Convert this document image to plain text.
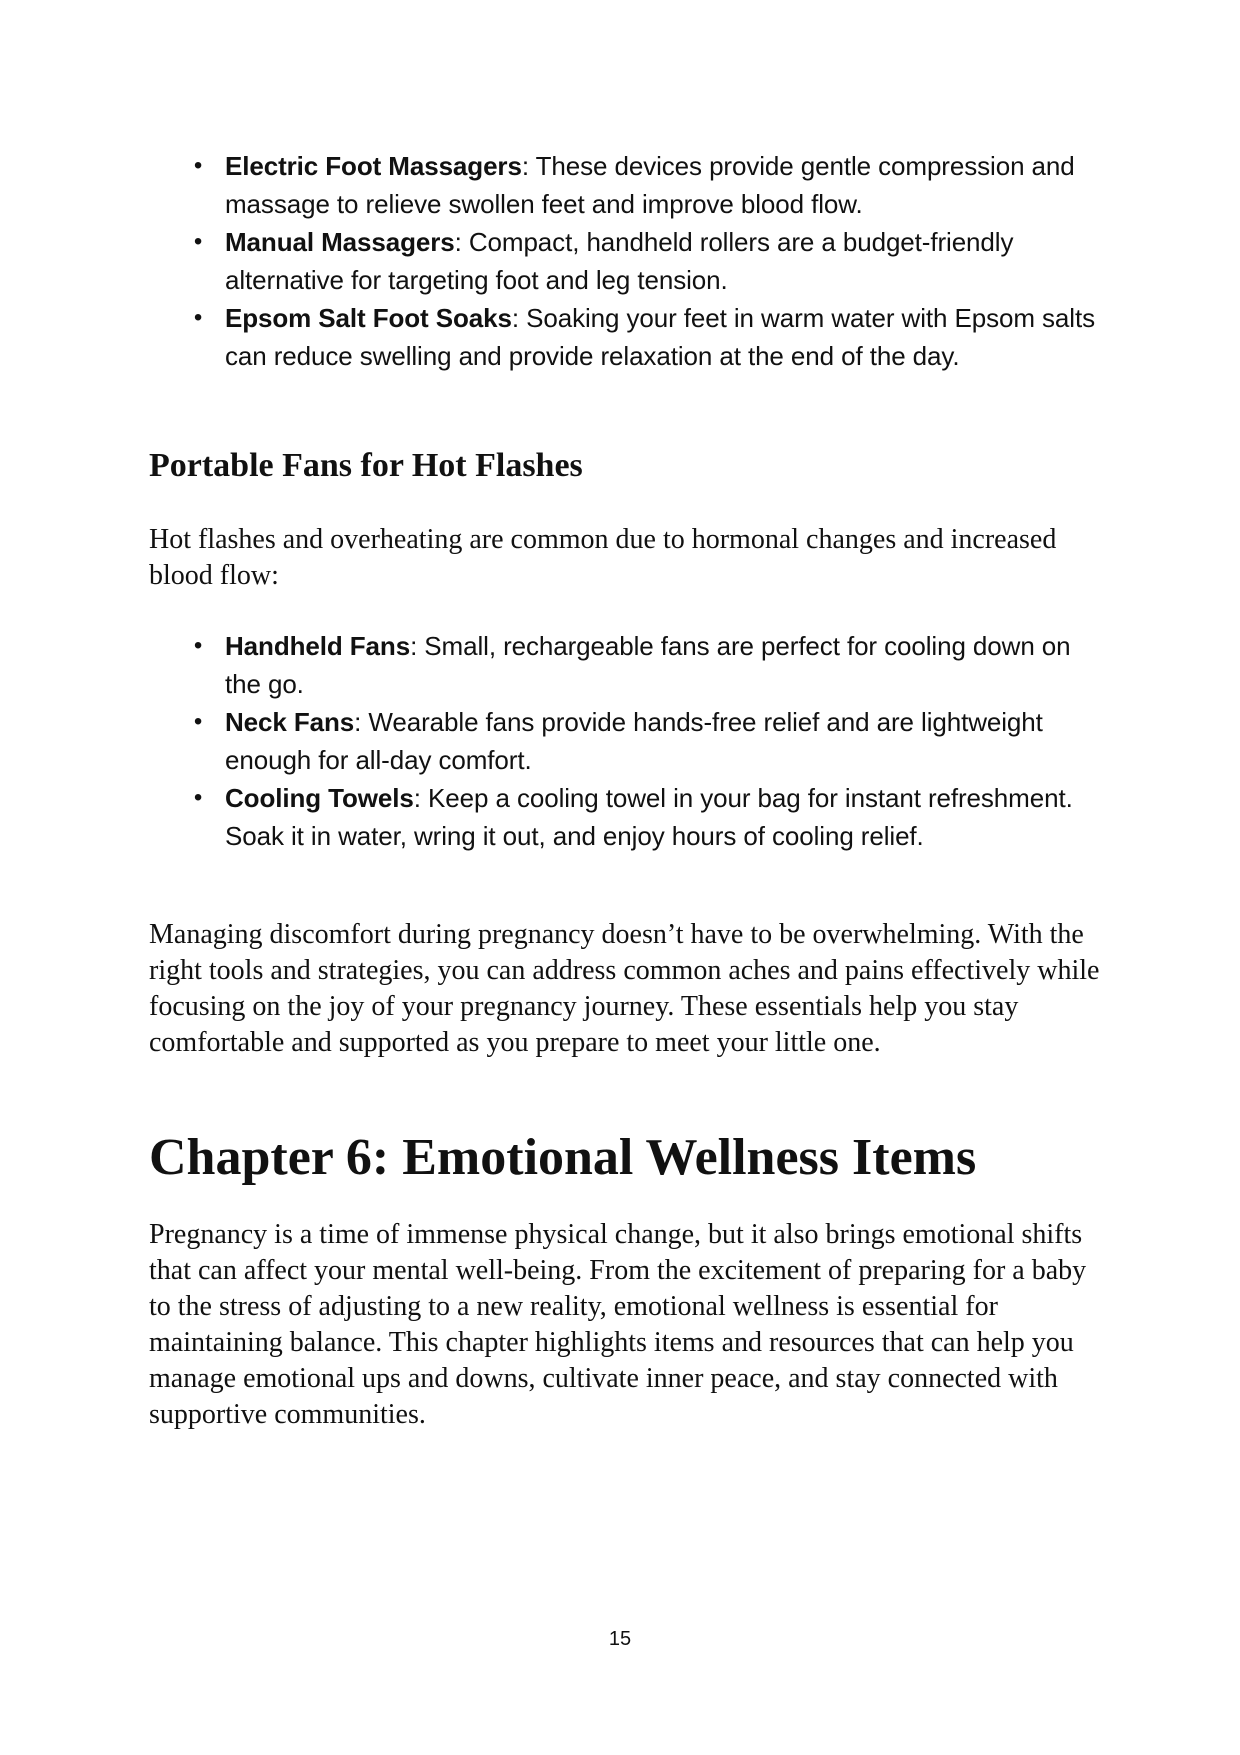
• Electric Foot Massagers: These devices provide gentle compression and massage to relieve swollen feet and improve blood flow.
• Manual Massagers: Compact, handheld rollers are a budget-friendly alternative for targeting foot and leg tension.
• Epsom Salt Foot Soaks: Soaking your feet in warm water with Epsom salts can reduce swelling and provide relaxation at the end of the day.
Portable Fans for Hot Flashes

Hot flashes and overheating are common due to hormonal changes and increased blood flow:

• Handheld Fans: Small, rechargeable fans are perfect for cooling down on the go.
• Neck Fans: Wearable fans provide hands-free relief and are lightweight enough for all-day comfort.
• Cooling Towels: Keep a cooling towel in your bag for instant refreshment. Soak it in water, wring it out, and enjoy hours of cooling relief.

Managing discomfort during pregnancy doesn’t have to be overwhelming. With the right tools and strategies, you can address common aches and pains effectively while focusing on the joy of your pregnancy journey. These essentials help you stay comfortable and supported as you prepare to meet your little one.

Chapter 6: Emotional Wellness Items

Pregnancy is a time of immense physical change, but it also brings emotional shifts that can affect your mental well-being. From the excitement of preparing for a baby to the stress of adjusting to a new reality, emotional wellness is essential for maintaining balance. This chapter highlights items and resources that can help you manage emotional ups and downs, cultivate inner peace, and stay connected with supportive communities.

15
